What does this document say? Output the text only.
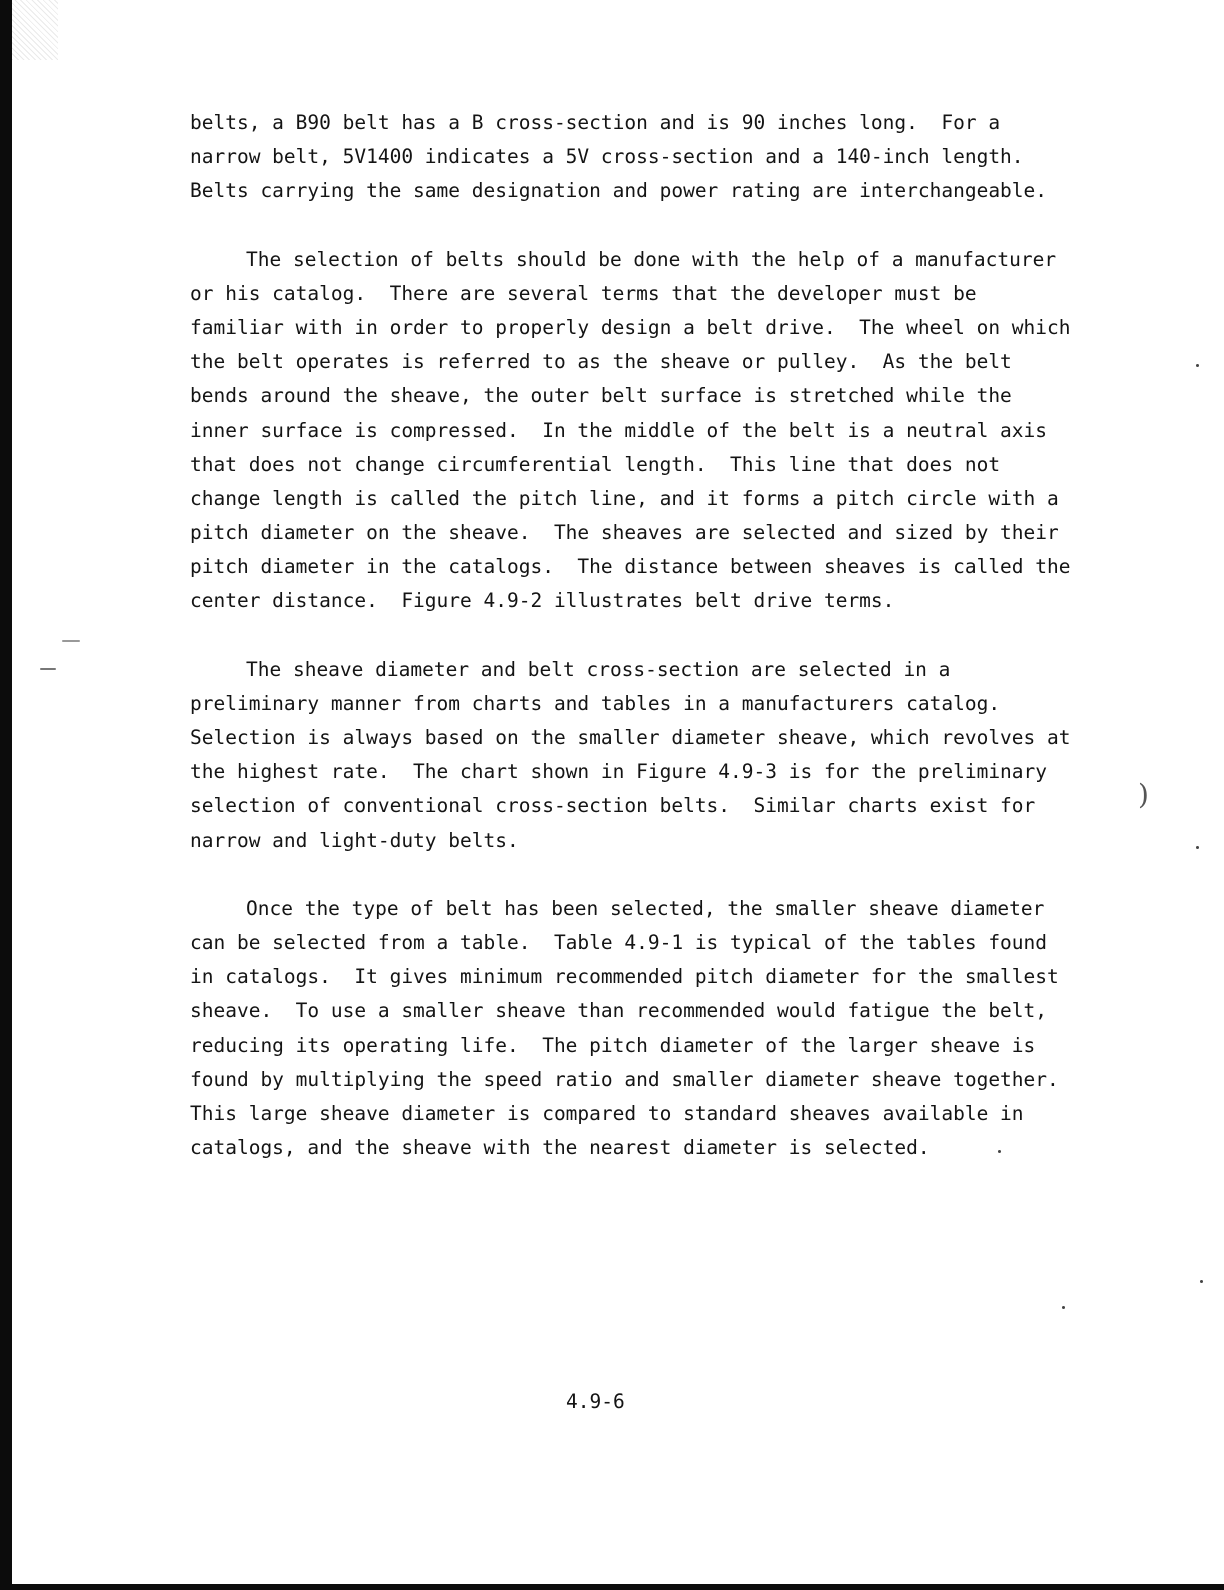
belts, a B90 belt has a B cross-section and is 90 inches long.  For a
narrow belt, 5V1400 indicates a 5V cross-section and a 140-inch length.
Belts carrying the same designation and power rating are interchangeable.
The selection of belts should be done with the help of a manufacturer
or his catalog.  There are several terms that the developer must be
familiar with in order to properly design a belt drive.  The wheel on which
the belt operates is referred to as the sheave or pulley.  As the belt
bends around the sheave, the outer belt surface is stretched while the
inner surface is compressed.  In the middle of the belt is a neutral axis
that does not change circumferential length.  This line that does not
change length is called the pitch line, and it forms a pitch circle with a
pitch diameter on the sheave.  The sheaves are selected and sized by their
pitch diameter in the catalogs.  The distance between sheaves is called the
center distance.  Figure 4.9-2 illustrates belt drive terms.
The sheave diameter and belt cross-section are selected in a
preliminary manner from charts and tables in a manufacturers catalog.
Selection is always based on the smaller diameter sheave, which revolves at
the highest rate.  The chart shown in Figure 4.9-3 is for the preliminary
selection of conventional cross-section belts.  Similar charts exist for
narrow and light-duty belts.
Once the type of belt has been selected, the smaller sheave diameter
can be selected from a table.  Table 4.9-1 is typical of the tables found
in catalogs.  It gives minimum recommended pitch diameter for the smallest
sheave.  To use a smaller sheave than recommended would fatigue the belt,
reducing its operating life.  The pitch diameter of the larger sheave is
found by multiplying the speed ratio and smaller diameter sheave together.
This large sheave diameter is compared to standard sheaves available in
catalogs, and the sheave with the nearest diameter is selected.
4.9-6
)
